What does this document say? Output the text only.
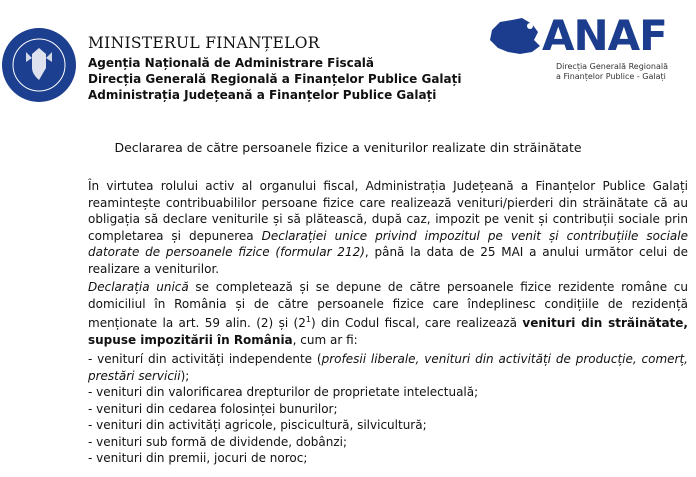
MINISTERUL FINANȚELOR
Agenția Națională de Administrare Fiscală
Direcția Generală Regională a Finanțelor Publice Galați
Administrația Județeană a Finanțelor Publice Galați
ANAF
Direcția Generală Regională
a Finanțelor Publice - Galați
Declararea de către persoanele fizice a veniturilor realizate din străinătate

În virtutea rolului activ al organului fiscal, Administrația Județeană a Finanțelor Publice Galați reamintește contribuabililor persoane fizice care realizează venituri/pierderi din străinătate că au obligația să declare veniturile și să plătească, după caz, impozit pe venit și contribuții sociale prin completarea și depunerea Declarației unice privind impozitul pe venit și contribuțiile sociale datorate de persoanele fizice (formular 212), până la data de 25 MAI a anului următor celui de realizare a veniturilor.

Declarația unică se completează și se depune de către persoanele fizice rezidente române cu domiciliul în România și de către persoanele fizice care îndeplinesc condițiile de rezidență menționate la art. 59 alin. (2) și $(2^1)$ din Codul fiscal, care realizează venituri din străinătate, supuse impozitării în România, cum ar fi:

- veniturí din activități independente (profesii liberale, venituri din activități de producție, comerț, prestări servicii);
- venituri din valorificarea drepturilor de proprietate intelectuală;
- venituri din cedarea folosinței bunurilor;
- venituri din activități agricole, piscicultură, silvicultură;
- venituri sub formă de dividende, dobânzi;
- venituri din premii, jocuri de noroc;
